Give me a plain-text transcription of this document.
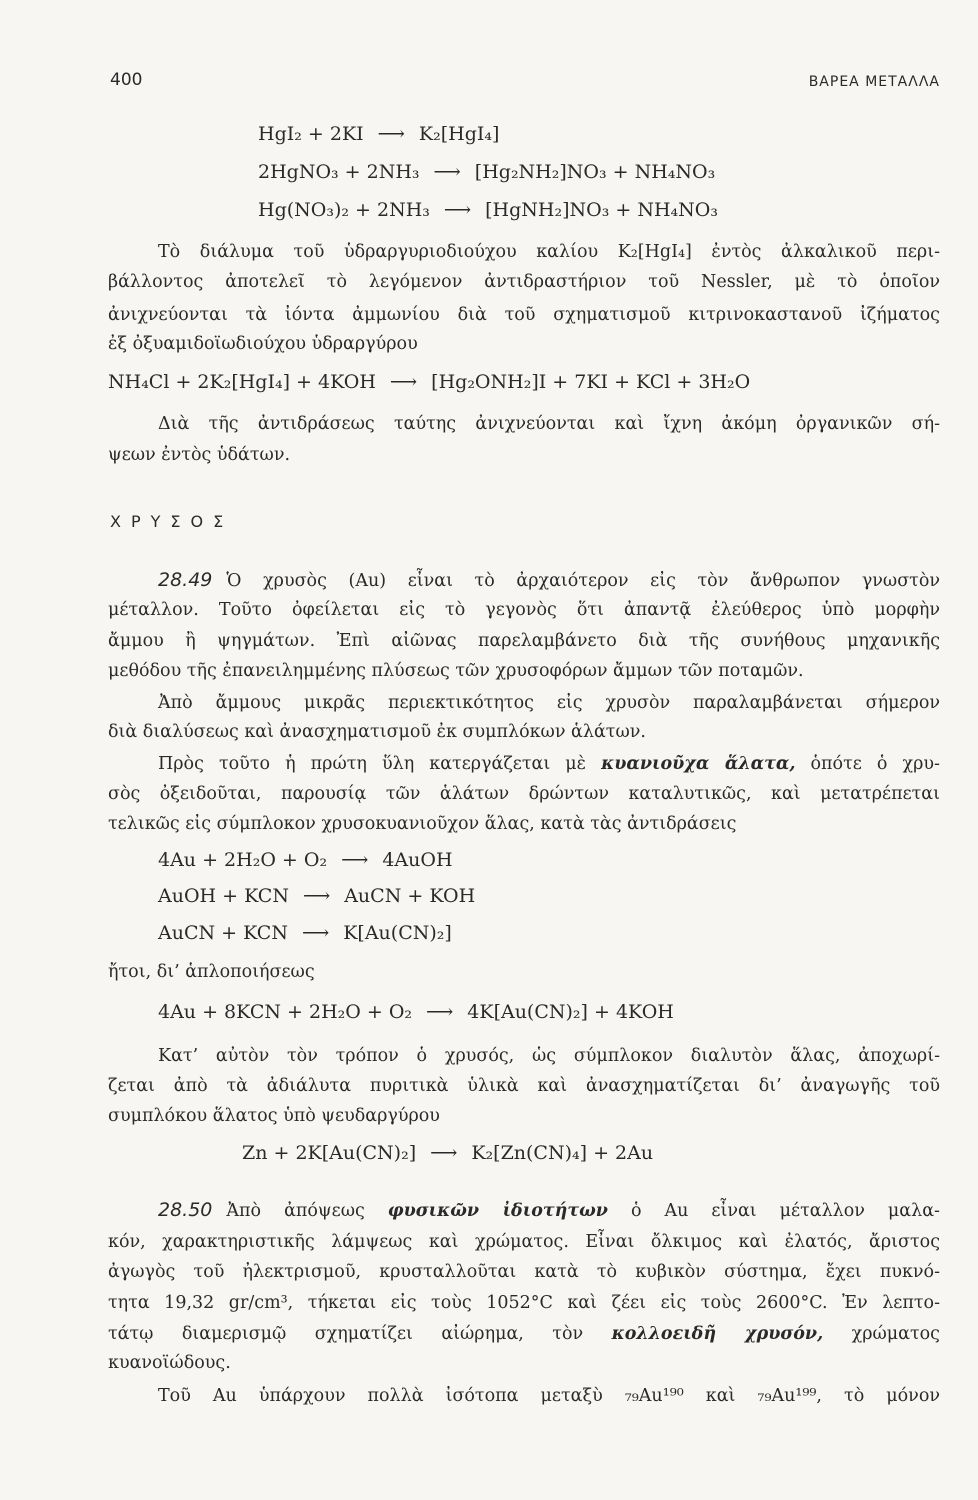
400	ΒΑΡΕΑ ΜΕΤΑΛΛΑ
HgI₂ + 2KI ⟶ K₂[HgI₄]
2HgNO₃ + 2NH₃ ⟶ [Hg₂NH₂]NO₃ + NH₄NO₃
Hg(NO₃)₂ + 2NH₃ ⟶ [HgNH₂]NO₃ + NH₄NO₃
Τὸ διάλυμα τοῦ ὑδραργυριοδιούχου καλίου K₂[HgI₄] ἐντὸς ἀλκαλικοῦ περι-
βάλλοντος ἀποτελεῖ τὸ λεγόμενον ἀντιδραστήριον τοῦ Nessler, μὲ τὸ ὁποῖον
ἀνιχνεύονται τὰ ἰόντα ἀμμωνίου διὰ τοῦ σχηματισμοῦ κιτρινοκαστανοῦ ἰζήματος
ἐξ ὀξυαμιδοϊωδιούχου ὑδραργύρου
NH₄Cl + 2K₂[HgI₄] + 4KOH ⟶ [Hg₂ONH₂]I + 7KI + KCl + 3H₂O
Διὰ τῆς ἀντιδράσεως ταύτης ἀνιχνεύονται καὶ ἴχνη ἀκόμη ὀργανικῶν σή-
ψεων ἐντὸς ὑδάτων.
ΧΡΥΣΟΣ
28.49 Ὁ χρυσὸς (Au) εἶναι τὸ ἀρχαιότερον εἰς τὸν ἄνθρωπον γνωστὸν
μέταλλον. Τοῦτο ὀφείλεται εἰς τὸ γεγονὸς ὅτι ἀπαντᾷ ἐλεύθερος ὑπὸ μορφὴν
ἄμμου ἢ ψηγμάτων. Ἐπὶ αἰῶνας παρελαμβάνετο διὰ τῆς συνήθους μηχανικῆς
μεθόδου τῆς ἐπανειλημμένης πλύσεως τῶν χρυσοφόρων ἄμμων τῶν ποταμῶν.
Ἀπὸ ἄμμους μικρᾶς περιεκτικότητος εἰς χρυσὸν παραλαμβάνεται σήμερον
διὰ διαλύσεως καὶ ἀνασχηματισμοῦ ἐκ συμπλόκων ἁλάτων.
Πρὸς τοῦτο ἡ πρώτη ὕλη κατεργάζεται μὲ κυανιοῦχα ἅλατα, ὁπότε ὁ χρυ-
σὸς ὀξειδοῦται, παρουσίᾳ τῶν ἁλάτων δρώντων καταλυτικῶς, καὶ μετατρέπεται
τελικῶς εἰς σύμπλοκον χρυσοκυανιοῦχον ἅλας, κατὰ τὰς ἀντιδράσεις
4Au + 2H₂O + O₂ ⟶ 4AuOH
AuOH + KCN ⟶ AuCN + KOH
AuCN + KCN ⟶ K[Au(CN)₂]
ἤτοι, δι’ ἁπλοποιήσεως
4Au + 8KCN + 2H₂O + O₂ ⟶ 4K[Au(CN)₂] + 4KOH
Κατ’ αὐτὸν τὸν τρόπον ὁ χρυσός, ὡς σύμπλοκον διαλυτὸν ἅλας, ἀποχωρί-
ζεται ἀπὸ τὰ ἀδιάλυτα πυριτικὰ ὑλικὰ καὶ ἀνασχηματίζεται δι’ ἀναγωγῆς τοῦ
συμπλόκου ἅλατος ὑπὸ ψευδαργύρου
Zn + 2K[Au(CN)₂] ⟶ K₂[Zn(CN)₄] + 2Au
28.50 Ἀπὸ ἀπόψεως φυσικῶν ἰδιοτήτων ὁ Au εἶναι μέταλλον μαλα-
κόν, χαρακτηριστικῆς λάμψεως καὶ χρώματος. Εἶναι ὄλκιμος καὶ ἐλατός, ἄριστος
ἀγωγὸς τοῦ ἠλεκτρισμοῦ, κρυσταλλοῦται κατὰ τὸ κυβικὸν σύστημα, ἔχει πυκνό-
τητα 19,32 gr/cm³, τήκεται εἰς τοὺς 1052°C καὶ ζέει εἰς τοὺς 2600°C. Ἐν λεπτο-
τάτῳ διαμερισμῷ σχηματίζει αἰώρημα, τὸν κολλοειδῆ χρυσόν, χρώματος
κυανοϊώδους.
Τοῦ Au ὑπάρχουν πολλὰ ἰσότοπα μεταξὺ ₇₉Au¹⁹⁰ καὶ ₇₉Au¹⁹⁹, τὸ μόνον
